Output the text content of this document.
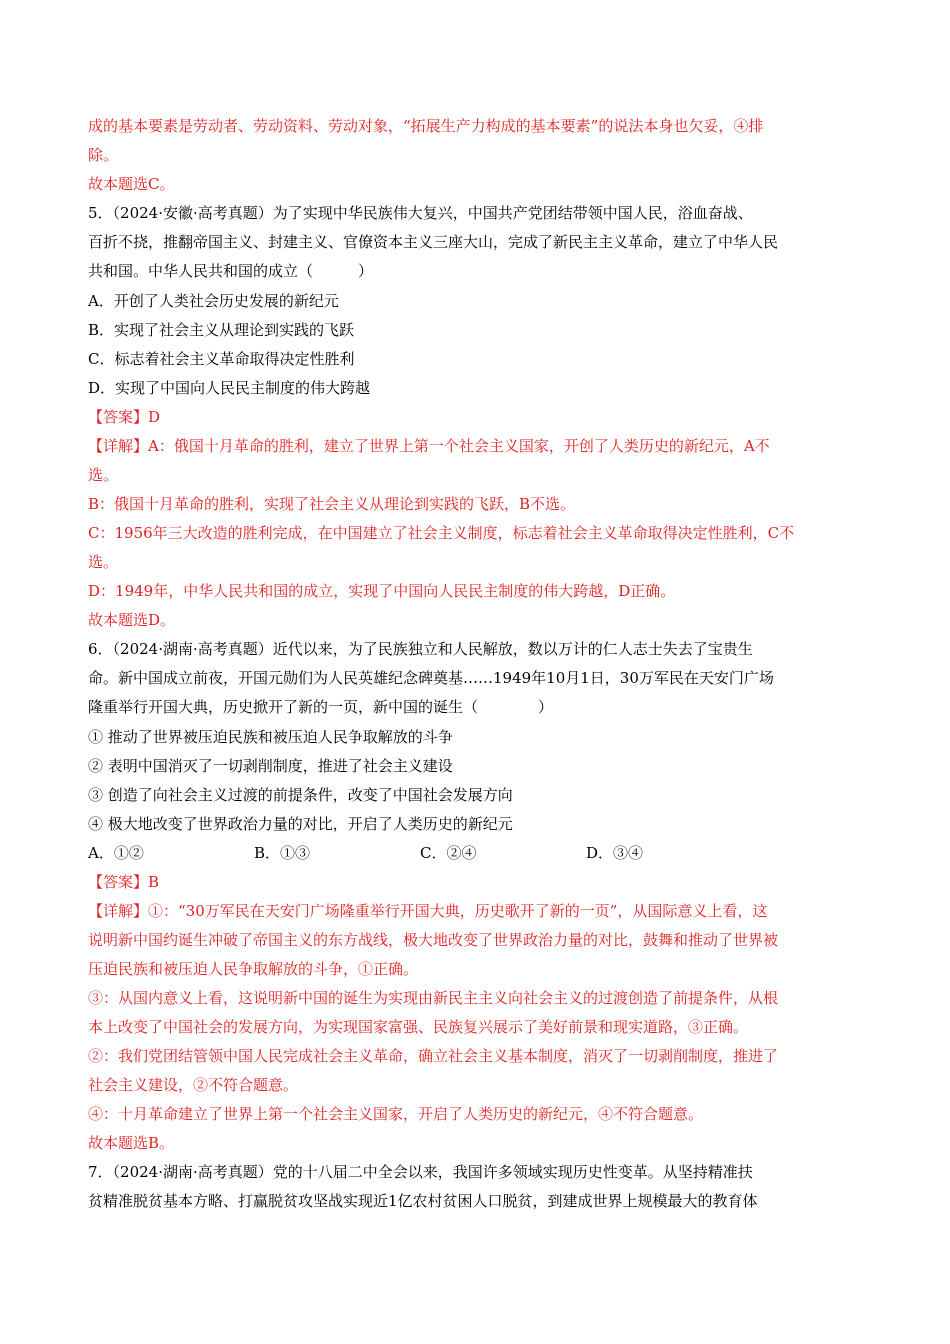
成的基本要素是劳动者、劳动资料、劳动对象，“拓展生产力构成的基本要素”的说法本身也欠妥，④排
除。
故本题选C。
5．（2024·安徽·高考真题）为了实现中华民族伟大复兴，中国共产党团结带领中国人民，浴血奋战、
百折不挠，推翻帝国主义、封建主义、官僚资本主义三座大山，完成了新民主主义革命，建立了中华人民
共和国。中华人民共和国的成立（　　　）
A．开创了人类社会历史发展的新纪元
B．实现了社会主义从理论到实践的飞跃
C．标志着社会主义革命取得决定性胜利
D．实现了中国向人民民主制度的伟大跨越
【答案】D
【详解】A：俄国十月革命的胜利，建立了世界上第一个社会主义国家，开创了人类历史的新纪元，A不
选。
B：俄国十月革命的胜利，实现了社会主义从理论到实践的飞跃，B不选。
C：1956年三大改造的胜利完成，在中国建立了社会主义制度，标志着社会主义革命取得决定性胜利，C不
选。
D：1949年，中华人民共和国的成立，实现了中国向人民民主制度的伟大跨越，D正确。
故本题选D。
6．（2024·湖南·高考真题）近代以来，为了民族独立和人民解放，数以万计的仁人志士失去了宝贵生
命。新中国成立前夜，开国元勋们为人民英雄纪念碑奠基……1949年10月1日，30万军民在天安门广场
隆重举行开国大典，历史掀开了新的一页，新中国的诞生（　　　　）
① 推动了世界被压迫民族和被压迫人民争取解放的斗争
② 表明中国消灭了一切剥削制度，推进了社会主义建设
③ 创造了向社会主义过渡的前提条件，改变了中国社会发展方向
④ 极大地改变了世界政治力量的对比，开启了人类历史的新纪元
A．①②	B．①③	C．②④	D．③④
【答案】B
【详解】①：“30万军民在天安门广场隆重举行开国大典，历史歌开了新的一页”，从国际意义上看，这
说明新中国约诞生冲破了帝国主义的东方战线，极大地改变了世界政治力量的对比，鼓舞和推动了世界被
压迫民族和被压迫人民争取解放的斗争，①正确。
③：从国内意义上看，这说明新中国的诞生为实现由新民主主义向社会主义的过渡创造了前提条件，从根
本上改变了中国社会的发展方向，为实现国家富强、民族复兴展示了美好前景和现实道路，③正确。
②：我们党团结管领中国人民完成社会主义革命，确立社会主义基本制度，消灭了一切剥削制度，推进了
社会主义建设，②不符合题意。
④：十月革命建立了世界上第一个社会主义国家，开启了人类历史的新纪元，④不符合题意。
故本题选B。
7．（2024·湖南·高考真题）党的十八届二中全会以来，我国许多领域实现历史性变革。从坚持精准扶
贫精准脱贫基本方略、打赢脱贫攻坚战实现近1亿农村贫困人口脱贫，到建成世界上规模最大的教育体
